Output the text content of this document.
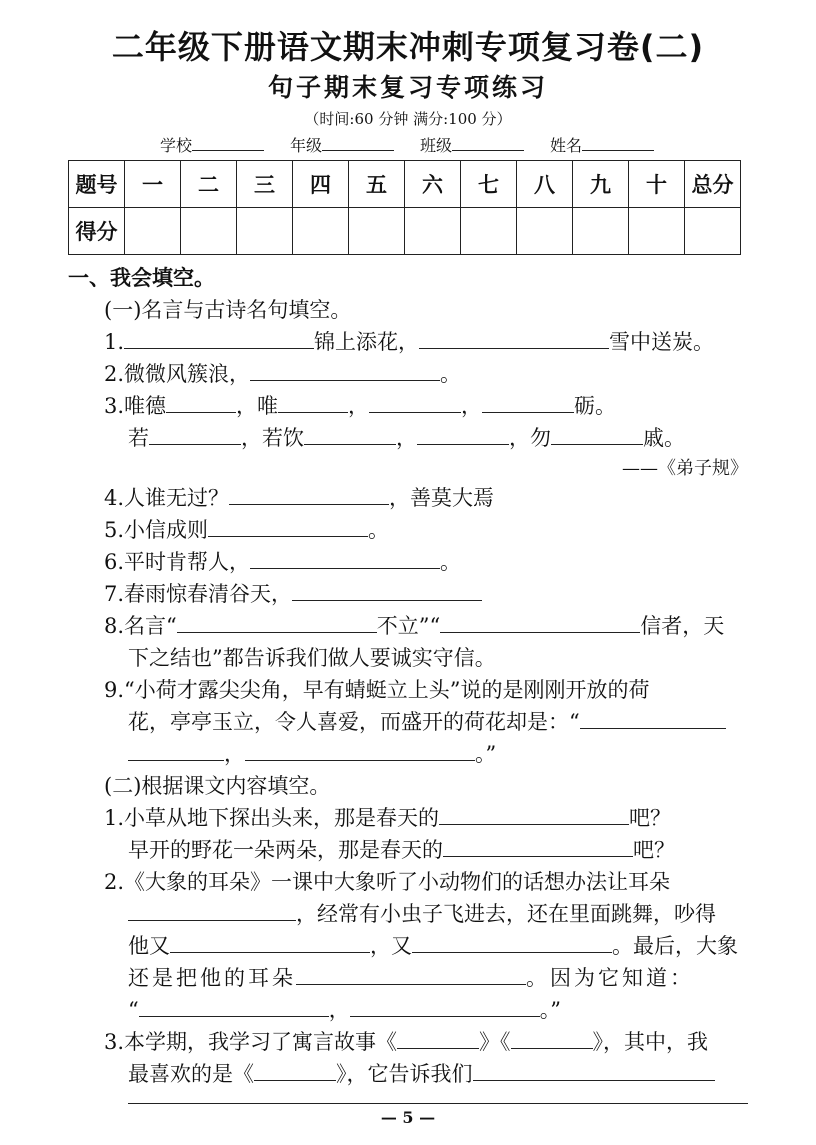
二年级下册语文期末冲刺专项复习卷(二)
句子期末复习专项练习
（时间:60 分钟 满分:100 分）
学校	年级	班级	姓名
题号	一	二	三	四	五	六	七	八	九	十	总分
得分											
一、我会填空。
(一)名言与古诗名句填空。
1.	锦上添花，	雪中送炭。
2.微微风簇浪，	。
3.唯德	，唯	，	，	砺。
若	，若饮	，	，勿	戚。
——《弟子规》
4.人谁无过？	，善莫大焉
5.小信成则	。
6.平时肯帮人，	。
7.春雨惊春清谷天，
8.名言“	不立”“	信者，天
下之结也”都告诉我们做人要诚实守信。
9.“小荷才露尖尖角，早有蜻蜓立上头”说的是刚刚开放的荷
花，亭亭玉立，令人喜爱，而盛开的荷花却是：“
，	。”
(二)根据课文内容填空。
1.小草从地下探出头来，那是春天的	吧？
早开的野花一朵两朵，那是春天的	吧？
2.《大象的耳朵》一课中大象听了小动物们的话想办法让耳朵
，经常有小虫子飞进去，还在里面跳舞，吵得
他又	，又	。最后，大象
还是把他的耳朵	。因为它知道：
“	，	。”
3.本学期，我学习了寓言故事《	》《	》，其中，我
最喜欢的是《	》，它告诉我们
— 5 —
